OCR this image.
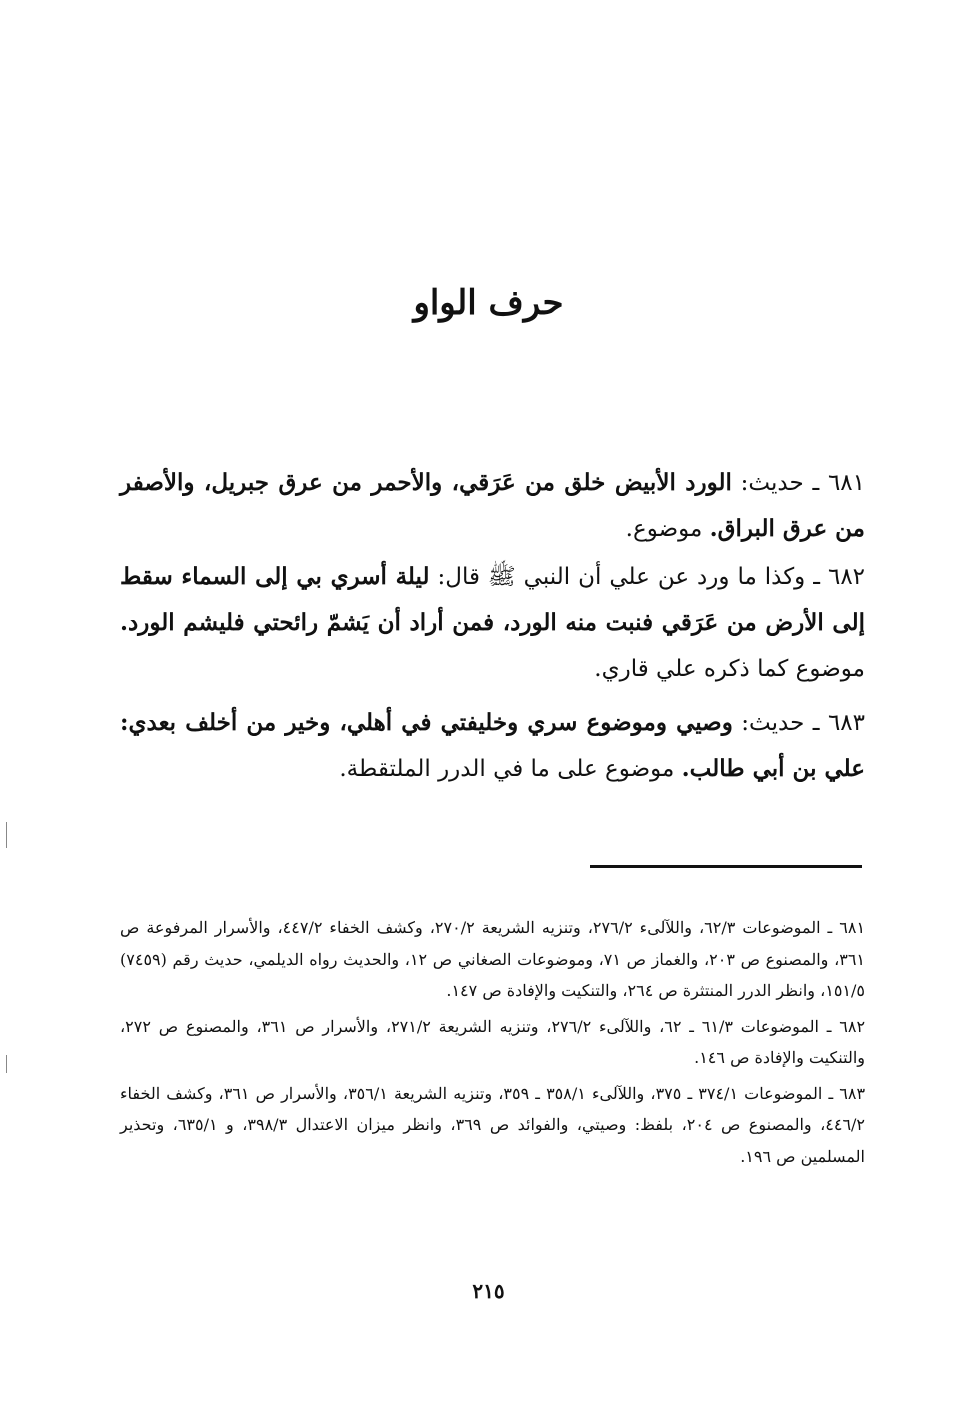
حرف الواو

٦٨١ ـ حديث: الورد الأبيض خلق من عَرَقي، والأحمر من عرق جبريل، والأصفر من عرق البراق. موضوع.

٦٨٢ ـ وكذا ما ورد عن علي أن النبي ﷺ قال: ليلة أسري بي إلى السماء سقط إلى الأرض من عَرَقي فنبت منه الورد، فمن أراد أن يَشمّ رائحتي فليشم الورد. موضوع كما ذكره علي قاري.

٦٨٣ ـ حديث: وصيي وموضوع سري وخليفتي في أهلي، وخير من أخلف بعدي: علي بن أبي طالب. موضوع على ما في الدرر الملتقطة.

٦٨١ ـ الموضوعات ٦٢/٣، واللآلىء ٢٧٦/٢، وتنزيه الشريعة ٢٧٠/٢، وكشف الخفاء ٤٤٧/٢، والأسرار المرفوعة ص ٣٦١، والمصنوع ص ٢٠٣، والغماز ص ٧١، وموضوعات الصغاني ص ١٢، والحديث رواه الديلمي، حديث رقم (٧٤٥٩) ١٥١/٥، وانظر الدرر المنتثرة ص ٢٦٤، والتنكيت والإفادة ص ١٤٧.

٦٨٢ ـ الموضوعات ٦١/٣ ـ ٦٢، واللآلىء ٢٧٦/٢، وتنزيه الشريعة ٢٧١/٢، والأسرار ص ٣٦١، والمصنوع ص ٢٧٢، والتنكيت والإفادة ص ١٤٦.

٦٨٣ ـ الموضوعات ٣٧٤/١ ـ ٣٧٥، واللآلىء ٣٥٨/١ ـ ٣٥٩، وتنزيه الشريعة ٣٥٦/١، والأسرار ص ٣٦١، وكشف الخفاء ٤٤٦/٢، والمصنوع ص ٢٠٤، بلفظ: وصيتي، والفوائد ص ٣٦٩، وانظر ميزان الاعتدال ٣٩٨/٣، و ٦٣٥/١، وتحذير المسلمين ص ١٩٦.

٢١٥
